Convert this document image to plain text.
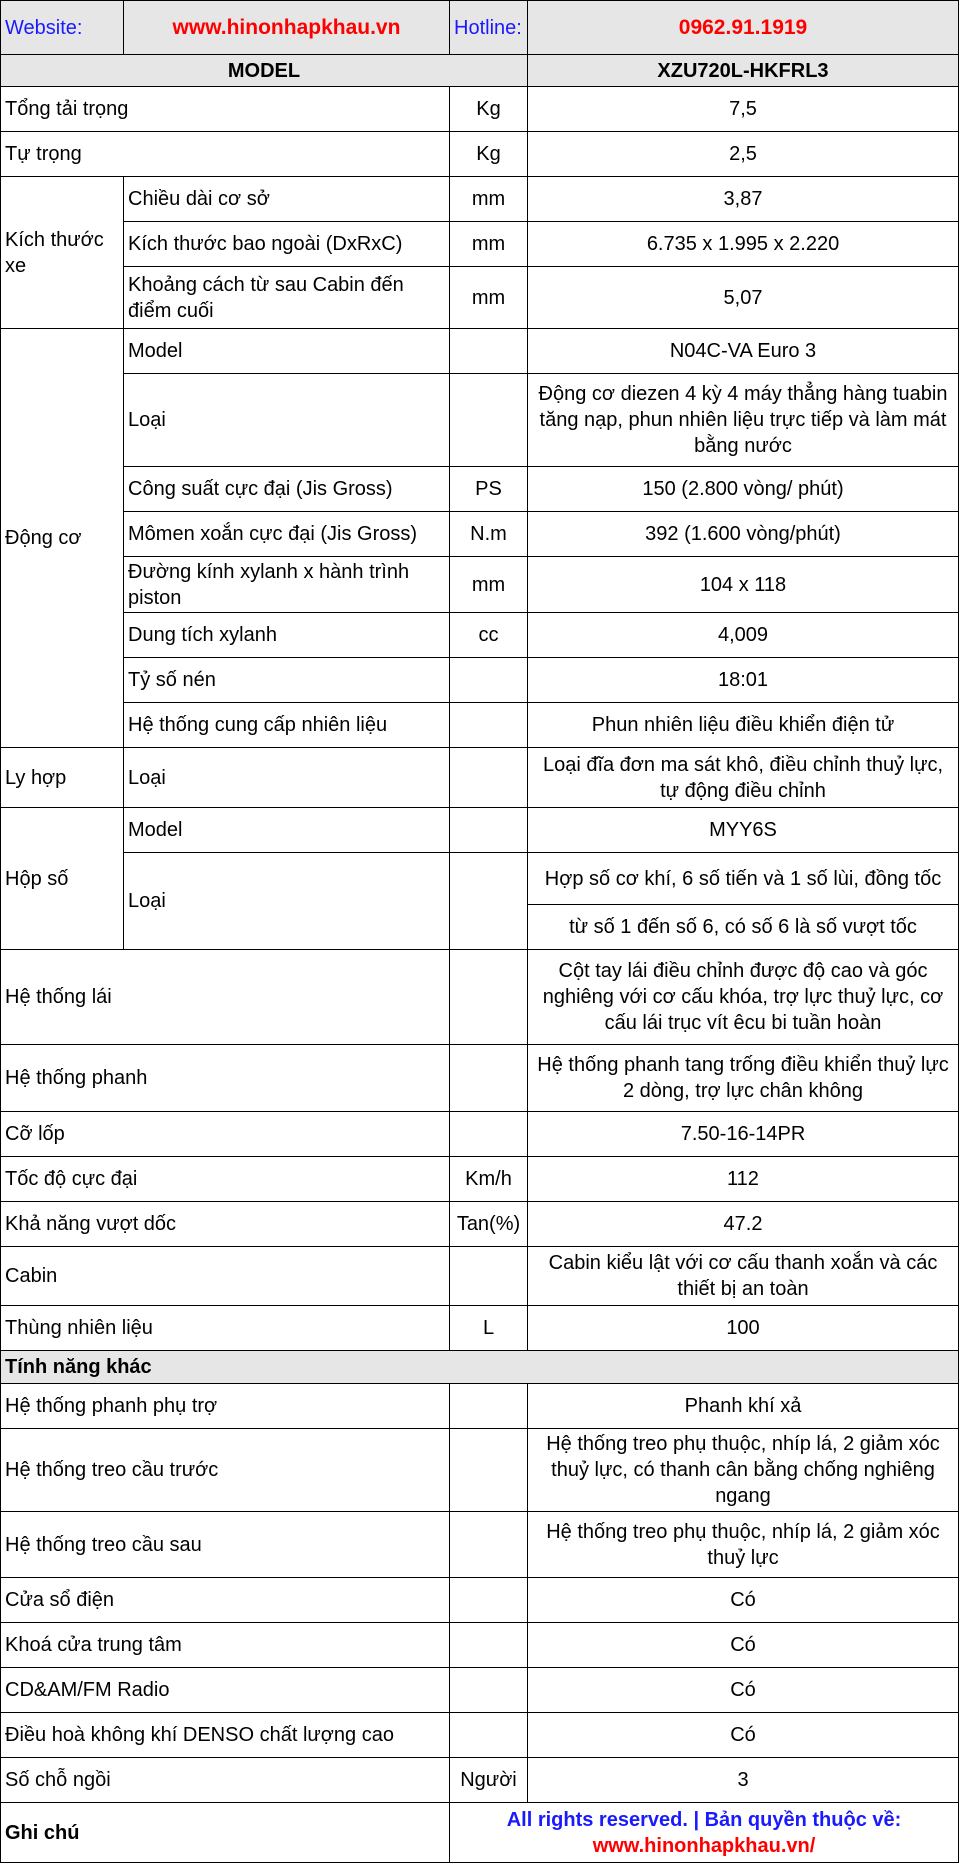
Website:	www.hinonhapkhau.vn	Hotline:	0962.91.1919
MODEL			XZU720L-HKFRL3
Tổng tải trọng		Kg	7,5
Tự trọng		Kg	2,5
Kích thước xe	Chiều dài cơ sở	mm	3,87
	Kích thước bao ngoài (DxRxC)	mm	6.735 x 1.995 x 2.220
	Khoảng cách từ sau Cabin đến điểm cuối	mm	5,07
Động cơ	Model		N04C-VA Euro 3
	Loại		Động cơ diezen 4 kỳ 4 máy thẳng hàng tuabin tăng nạp, phun nhiên liệu trực tiếp và làm mát bằng nước
	Công suất cực đại (Jis Gross)	PS	150 (2.800 vòng/ phút)
	Mômen xoắn cực đại (Jis Gross)	N.m	392 (1.600 vòng/phút)
	Đường kính xylanh x hành trình piston	mm	104 x 118
	Dung tích xylanh	cc	4,009
	Tỷ số nén		18:01
	Hệ thống cung cấp nhiên liệu		Phun nhiên liệu điều khiển điện tử
Ly hợp	Loại		Loại đĩa đơn ma sát khô, điều chỉnh thuỷ lực, tự động điều chỉnh
Hộp số	Model		MYY6S
	Loại		Hợp số cơ khí, 6 số tiến và 1 số lùi, đồng tốc
			từ số 1 đến số 6, có số 6 là số vượt tốc
Hệ thống lái			Cột tay lái điều chỉnh được độ cao và góc nghiêng với cơ cấu khóa, trợ lực thuỷ lực, cơ cấu lái trục vít êcu bi tuần hoàn
Hệ thống phanh			Hệ thống phanh tang trống điều khiển thuỷ lực 2 dòng, trợ lực chân không
Cỡ lốp			7.50-16-14PR
Tốc độ cực đại		Km/h	112
Khả năng vượt dốc		Tan(%)	47.2
Cabin			Cabin kiểu lật với cơ cấu thanh xoắn và các thiết bị an toàn
Thùng nhiên liệu		L	100
Tính năng khác			
Hệ thống phanh phụ trợ			Phanh khí xả
Hệ thống treo cầu trước			Hệ thống treo phụ thuộc, nhíp lá, 2 giảm xóc thuỷ lực, có thanh cân bằng chống nghiêng ngang
Hệ thống treo cầu sau			Hệ thống treo phụ thuộc, nhíp lá, 2 giảm xóc thuỷ lực
Cửa sổ điện			Có
Khoá cửa trung tâm			Có
CD&AM/FM Radio			Có
Điều hoà không khí DENSO chất lượng cao			Có
Số chỗ ngồi		Người	3
Ghi chú		All rights reserved. | Bản quyền thuộc về:
www.hinonhapkhau.vn/	
